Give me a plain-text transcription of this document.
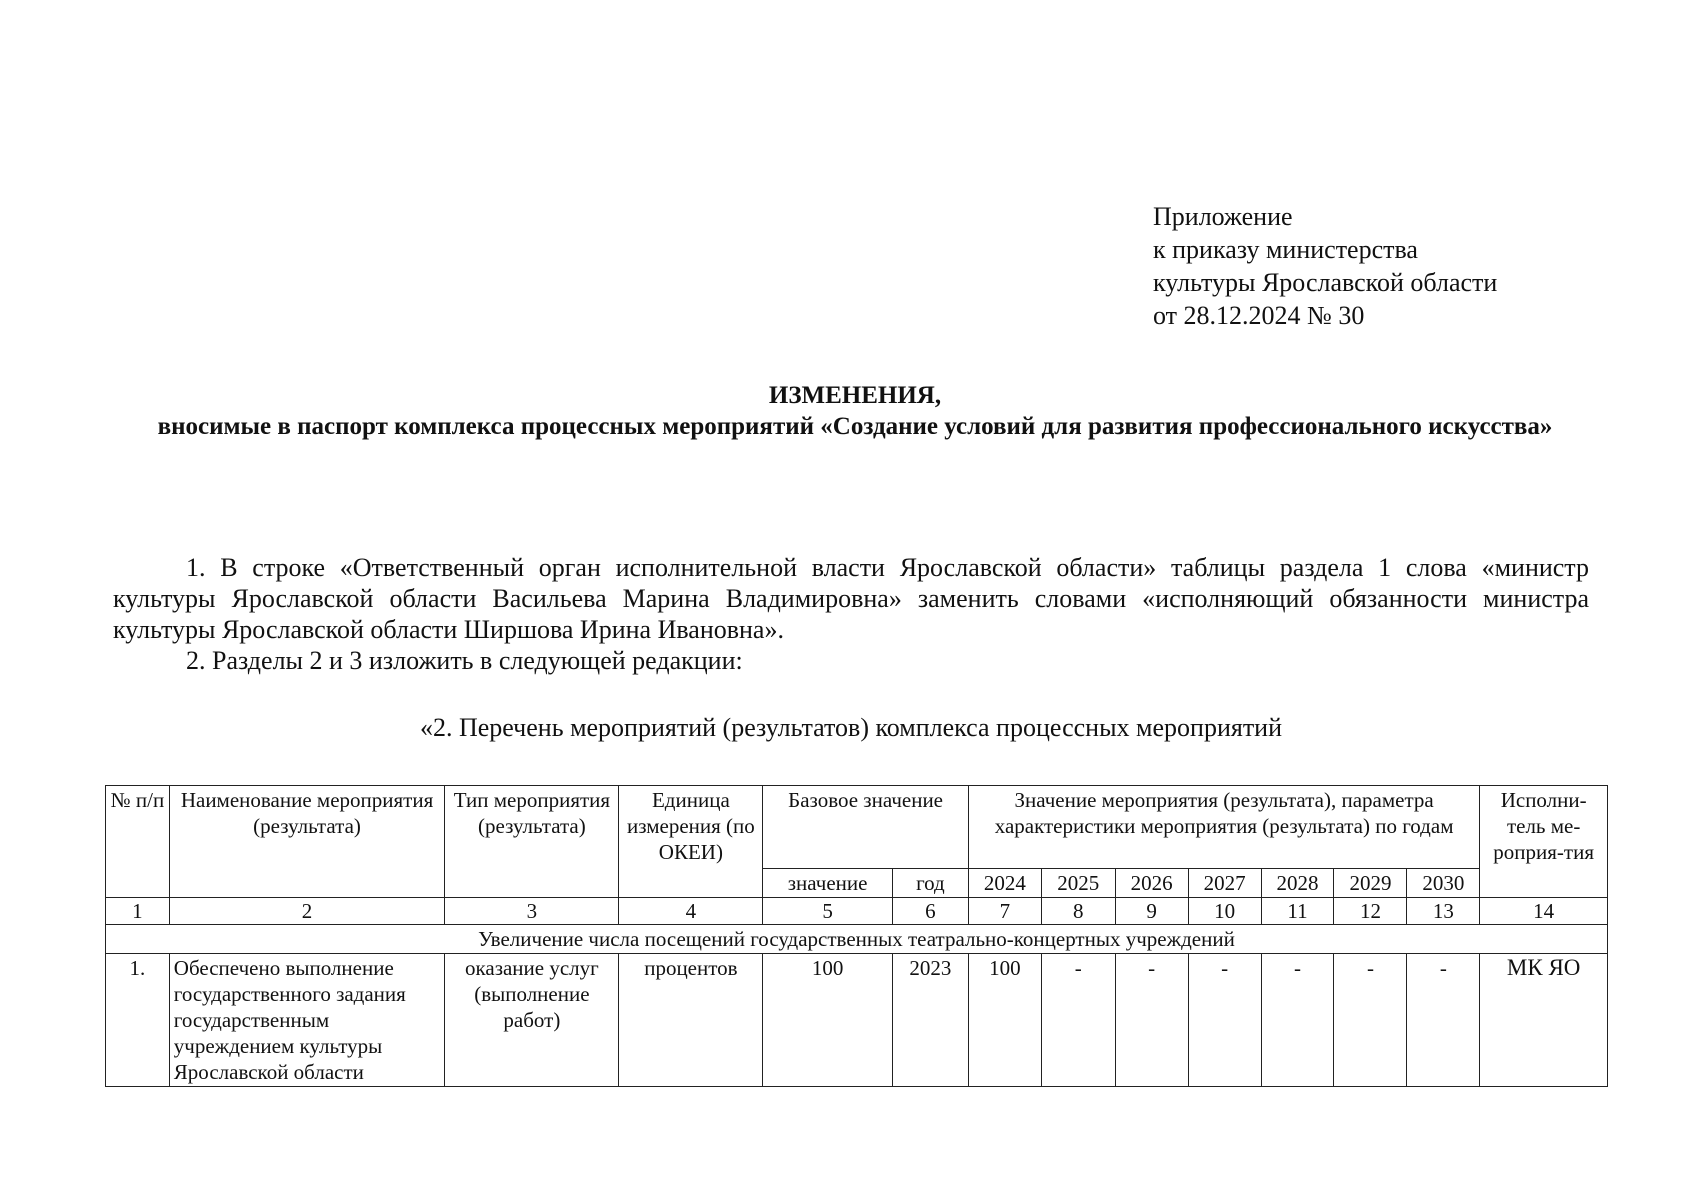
Приложение
к приказу министерства
культуры Ярославской области
от 28.12.2024 № 30
ИЗМЕНЕНИЯ,
вносимые в паспорт комплекса процессных мероприятий «Создание условий для развития профессионального искусства»

1. В строке «Ответственный орган исполнительной власти Ярославской области» таблицы раздела 1 слова «министр культуры Ярославской области Васильева Марина Владимировна» заменить словами «исполняющий обязанности министра культуры Ярославской области Ширшова Ирина Ивановна».

2. Разделы 2 и 3 изложить в следующей редакции:

«2. Перечень мероприятий (результатов) комплекса процессных мероприятий
№ п/п	Наименование мероприятия (результата)	Тип мероприятия (результата)	Единица измерения (по ОКЕИ)	Базовое значение		Значение мероприятия (результата), параметра характеристики мероприятия (результата) по годам							Исполни-тель ме-роприя-тия
				значение	год	2024	2025	2026	2027	2028	2029	2030	
1	2	3	4	5	6	7	8	9	10	11	12	13	14
Увеличение числа посещений государственных театрально-концертных учреждений													
1.	Обеспечено выполнение государственного задания государственным учреждением культуры Ярославской области	оказание услуг (выполнение работ)	процентов	100	2023	100	-	-	-	-	-	-	МК ЯО
